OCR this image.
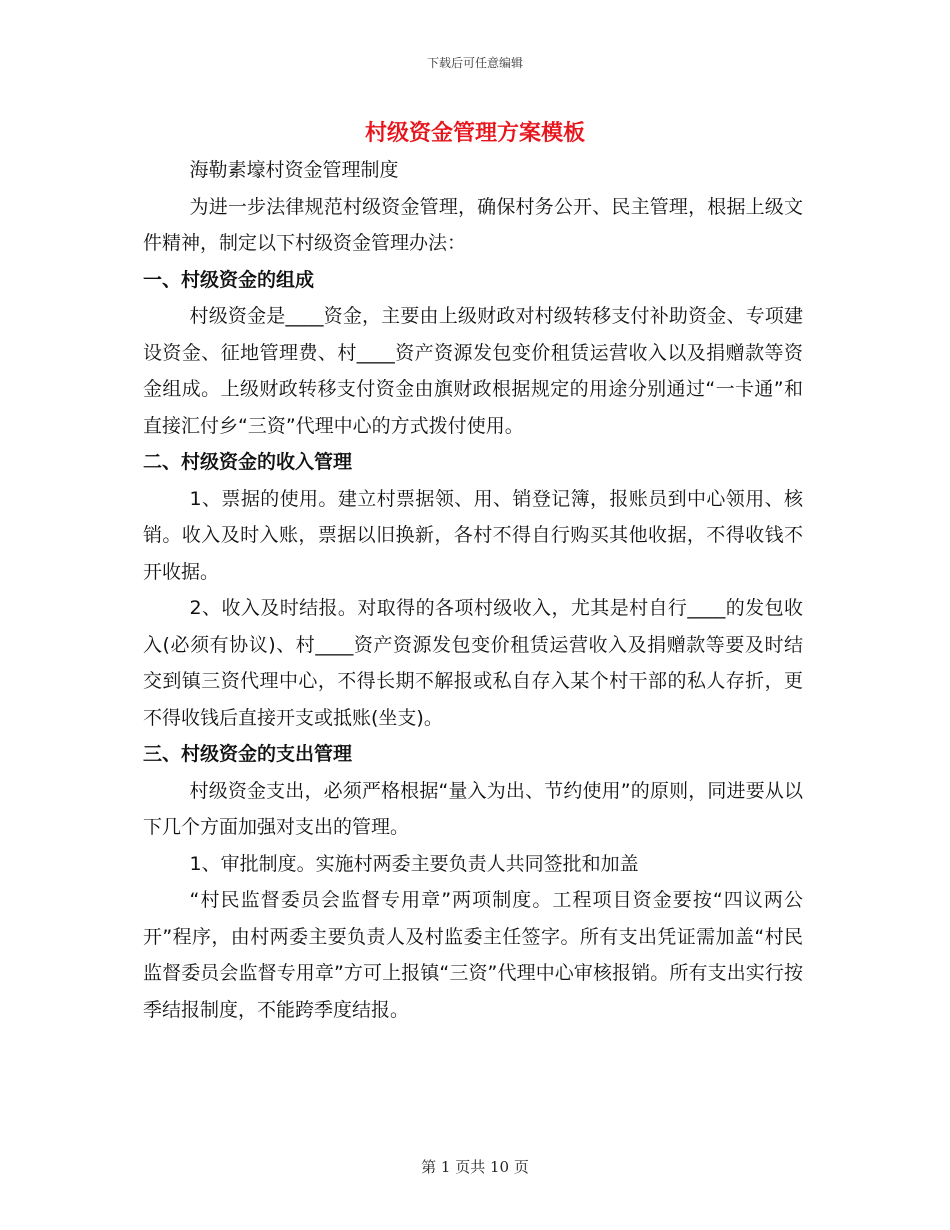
下载后可任意编辑
村级资金管理方案模板

海勒素壕村资金管理制度

为进一步法律规范村级资金管理，确保村务公开、民主管理，根据上级文件精神，制定以下村级资金管理办法：

一、村级资金的组成

村级资金是____资金，主要由上级财政对村级转移支付补助资金、专项建设资金、征地管理费、村____资产资源发包变价租赁运营收入以及捐赠款等资金组成。上级财政转移支付资金由旗财政根据规定的用途分别通过“一卡通”和直接汇付乡“三资”代理中心的方式拨付使用。

二、村级资金的收入管理

1、票据的使用。建立村票据领、用、销登记簿，报账员到中心领用、核销。收入及时入账，票据以旧换新，各村不得自行购买其他收据，不得收钱不开收据。

2、收入及时结报。对取得的各项村级收入，尤其是村自行____的发包收入(必须有协议)、村____资产资源发包变价租赁运营收入及捐赠款等要及时结交到镇三资代理中心，不得长期不解报或私自存入某个村干部的私人存折，更不得收钱后直接开支或抵账(坐支)。

三、村级资金的支出管理

村级资金支出，必须严格根据“量入为出、节约使用”的原则，同进要从以下几个方面加强对支出的管理。

1、审批制度。实施村两委主要负责人共同签批和加盖

“村民监督委员会监督专用章”两项制度。工程项目资金要按“四议两公开”程序，由村两委主要负责人及村监委主任签字。所有支出凭证需加盖“村民监督委员会监督专用章”方可上报镇“三资”代理中心审核报销。所有支出实行按季结报制度，不能跨季度结报。

第 1 页共 10 页
